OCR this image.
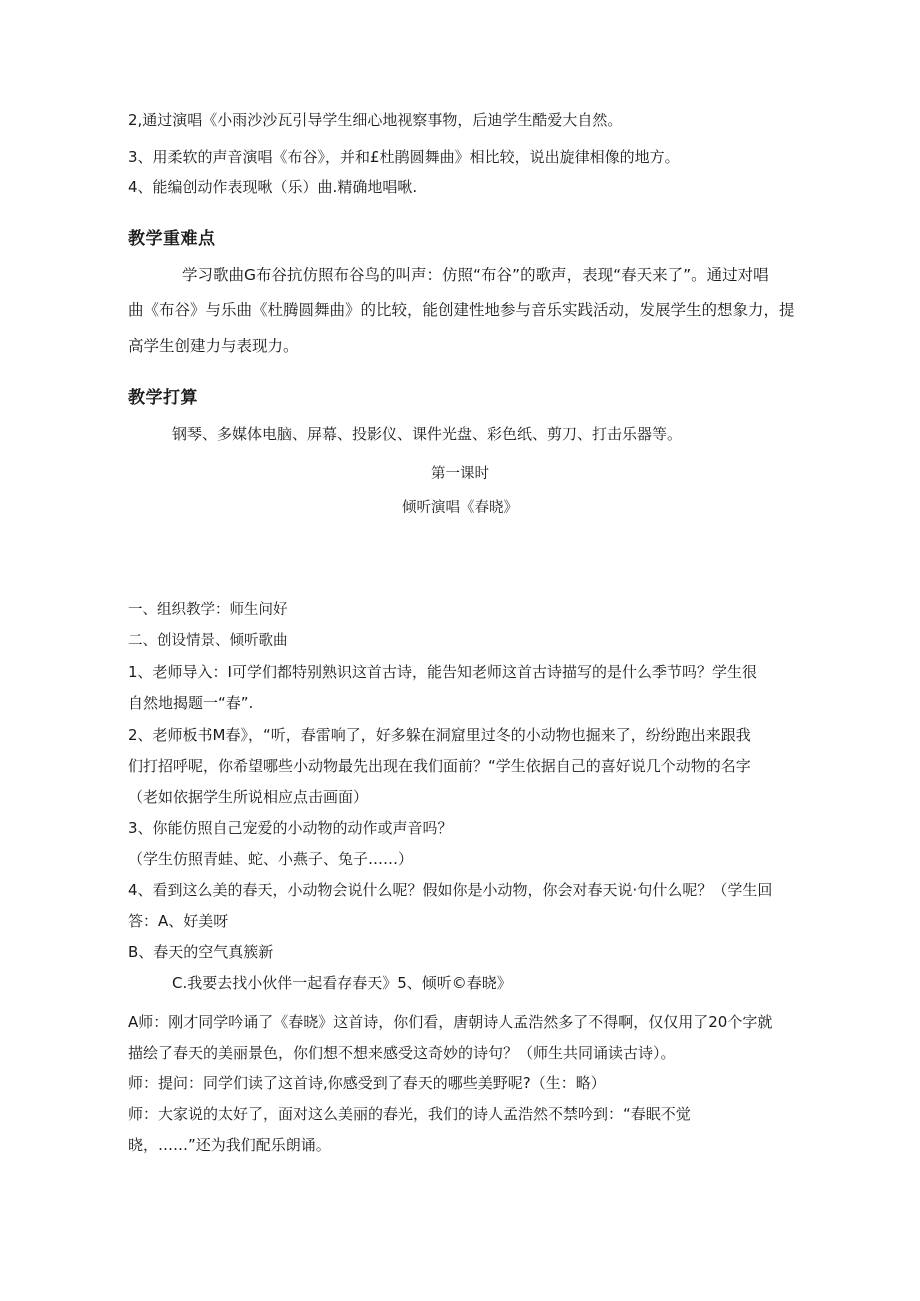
2,通过演唱《小雨沙沙瓦引导学生细心地视察事物，后迪学生酷爱大自然。
3、用柔软的声音演唱《布谷》，并和£杜鹃圆舞曲》相比较，说出旋律相像的地方。
4、能编创动作表现啾（乐）曲.精确地唱啾.
教学重难点
学习歌曲G布谷抗仿照布谷鸟的叫声：仿照“布谷”的歌声，表现“春天来了”。通过对唱
曲《布谷》与乐曲《杜腾圆舞曲》的比较，能创建性地参与音乐实践活动，发展学生的想象力，提
高学生创建力与表现力。
教学打算
钢琴、多媒体电脑、屏幕、投影仪、课件光盘、彩色纸、剪刀、打击乐器等。
第一课时
倾听演唱《春晓》
一、组织教学：师生问好
二、创设情景、倾听歌曲
1、老师导入：I可学们都特别熟识这首古诗，能告知老师这首古诗描写的是什么季节吗？学生很
自然地揭题一“春”.
2、老师板书M春》，“听，春雷响了，好多躲在洞窟里过冬的小动物也掘来了，纷纷跑出来跟我
们打招呼呢，你希望哪些小动物最先出现在我们面前？“学生依据自己的喜好说几个动物的名字
（老如依据学生所说相应点击画面）
3、你能仿照自己宠爱的小动物的动作或声音吗？
（学生仿照青蛙、蛇、小燕子、兔子……）
4、看到这么美的春天，小动物会说什么呢？假如你是小动物，你会对春天说·句什么呢？（学生回
答：A、好美呀
B、春天的空气真簇新
C.我要去找小伙伴一起看存春天》5、倾听©春晓》
A师：刚才同学吟诵了《春晓》这首诗，你们看，唐朝诗人孟浩然多了不得啊，仅仅用了20个字就
描绘了春天的美丽景色，你们想不想来感受这奇妙的诗句？（师生共同诵读古诗）。
师：提问：同学们读了这首诗,你感受到了春天的哪些美野呢?（生：略）
师：大家说的太好了，面对这么美丽的春光，我们的诗人孟浩然不禁吟到：“春眠不觉
晓，……”还为我们配乐朗诵。
